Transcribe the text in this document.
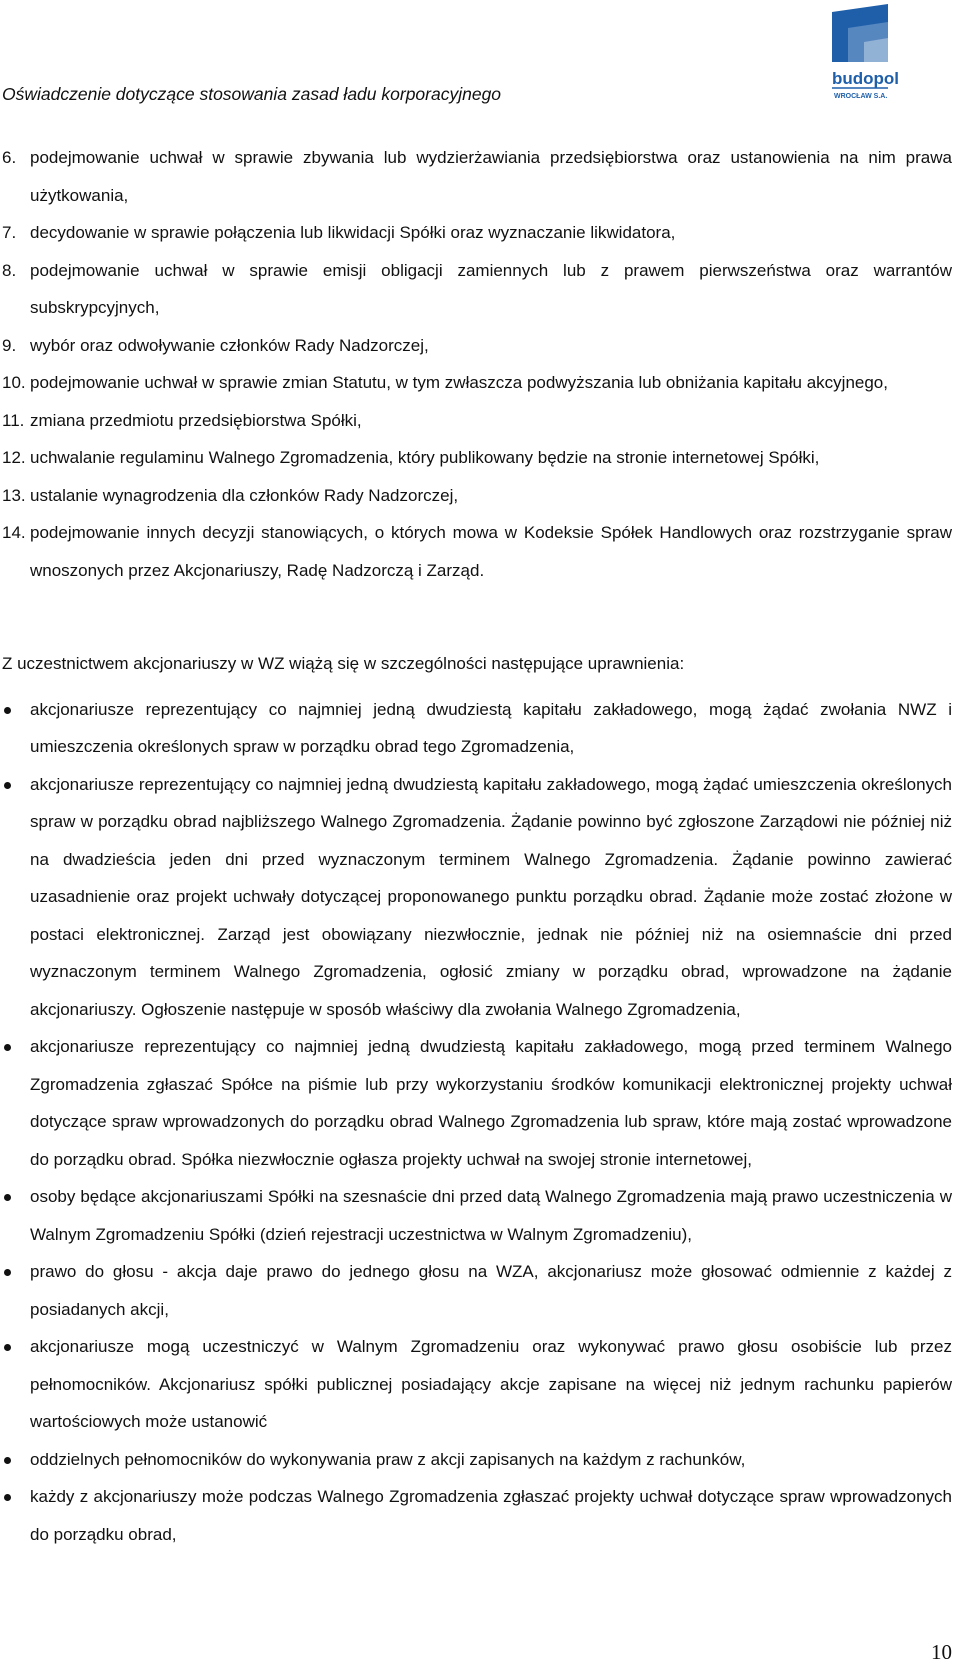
Oświadczenie dotyczące stosowania zasad ładu korporacyjnego
budopol
WROCŁAW S.A.
6. podejmowanie uchwał w sprawie zbywania lub wydzierżawiania przedsiębiorstwa oraz ustanowienia na nim prawa użytkowania,
7. decydowanie w sprawie połączenia lub likwidacji Spółki oraz wyznaczanie likwidatora,
8. podejmowanie uchwał w sprawie emisji obligacji zamiennych lub z prawem pierwszeństwa oraz warrantów subskrypcyjnych,
9. wybór oraz odwoływanie członków Rady Nadzorczej,
10. podejmowanie uchwał w sprawie zmian Statutu, w tym zwłaszcza podwyższania lub obniżania kapitału akcyjnego,
11. zmiana przedmiotu przedsiębiorstwa Spółki,
12. uchwalanie regulaminu Walnego Zgromadzenia, który publikowany będzie na stronie internetowej Spółki,
13. ustalanie wynagrodzenia dla członków Rady Nadzorczej,
14. podejmowanie innych decyzji stanowiących, o których mowa w Kodeksie Spółek Handlowych oraz rozstrzyganie spraw wnoszonych przez Akcjonariuszy, Radę Nadzorczą i Zarząd.
Z uczestnictwem akcjonariuszy w WZ wiążą się w szczególności następujące uprawnienia:
akcjonariusze reprezentujący co najmniej jedną dwudziestą kapitału zakładowego, mogą żądać zwołania NWZ i umieszczenia określonych spraw w porządku obrad tego Zgromadzenia,
akcjonariusze reprezentujący co najmniej jedną dwudziestą kapitału zakładowego, mogą żądać umieszczenia określonych spraw w porządku obrad najbliższego Walnego Zgromadzenia. Żądanie powinno być zgłoszone Zarządowi nie później niż na dwadzieścia jeden dni przed wyznaczonym terminem Walnego Zgromadzenia. Żądanie powinno zawierać uzasadnienie oraz projekt uchwały dotyczącej proponowanego punktu porządku obrad. Żądanie może zostać złożone w postaci elektronicznej. Zarząd jest obowiązany niezwłocznie, jednak nie później niż na osiemnaście dni przed wyznaczonym terminem Walnego Zgromadzenia, ogłosić zmiany w porządku obrad, wprowadzone na żądanie akcjonariuszy. Ogłoszenie następuje w sposób właściwy dla zwołania Walnego Zgromadzenia,
akcjonariusze reprezentujący co najmniej jedną dwudziestą kapitału zakładowego, mogą przed terminem Walnego Zgromadzenia zgłaszać Spółce na piśmie lub przy wykorzystaniu środków komunikacji elektronicznej projekty uchwał dotyczące spraw wprowadzonych do porządku obrad Walnego Zgromadzenia lub spraw, które mają zostać wprowadzone do porządku obrad. Spółka niezwłocznie ogłasza projekty uchwał na swojej stronie internetowej,
osoby będące akcjonariuszami Spółki na szesnaście dni przed datą Walnego Zgromadzenia mają prawo uczestniczenia w Walnym Zgromadzeniu Spółki (dzień rejestracji uczestnictwa w Walnym Zgromadzeniu),
prawo do głosu - akcja daje prawo do jednego głosu na WZA, akcjonariusz może głosować odmiennie z każdej z posiadanych akcji,
akcjonariusze mogą uczestniczyć w Walnym Zgromadzeniu oraz wykonywać prawo głosu osobiście lub przez pełnomocników. Akcjonariusz spółki publicznej posiadający akcje zapisane na więcej niż jednym rachunku papierów wartościowych może ustanowić
oddzielnych pełnomocników do wykonywania praw z akcji zapisanych na każdym z rachunków,
każdy z akcjonariuszy może podczas Walnego Zgromadzenia zgłaszać projekty uchwał dotyczące spraw wprowadzonych do porządku obrad,
10
